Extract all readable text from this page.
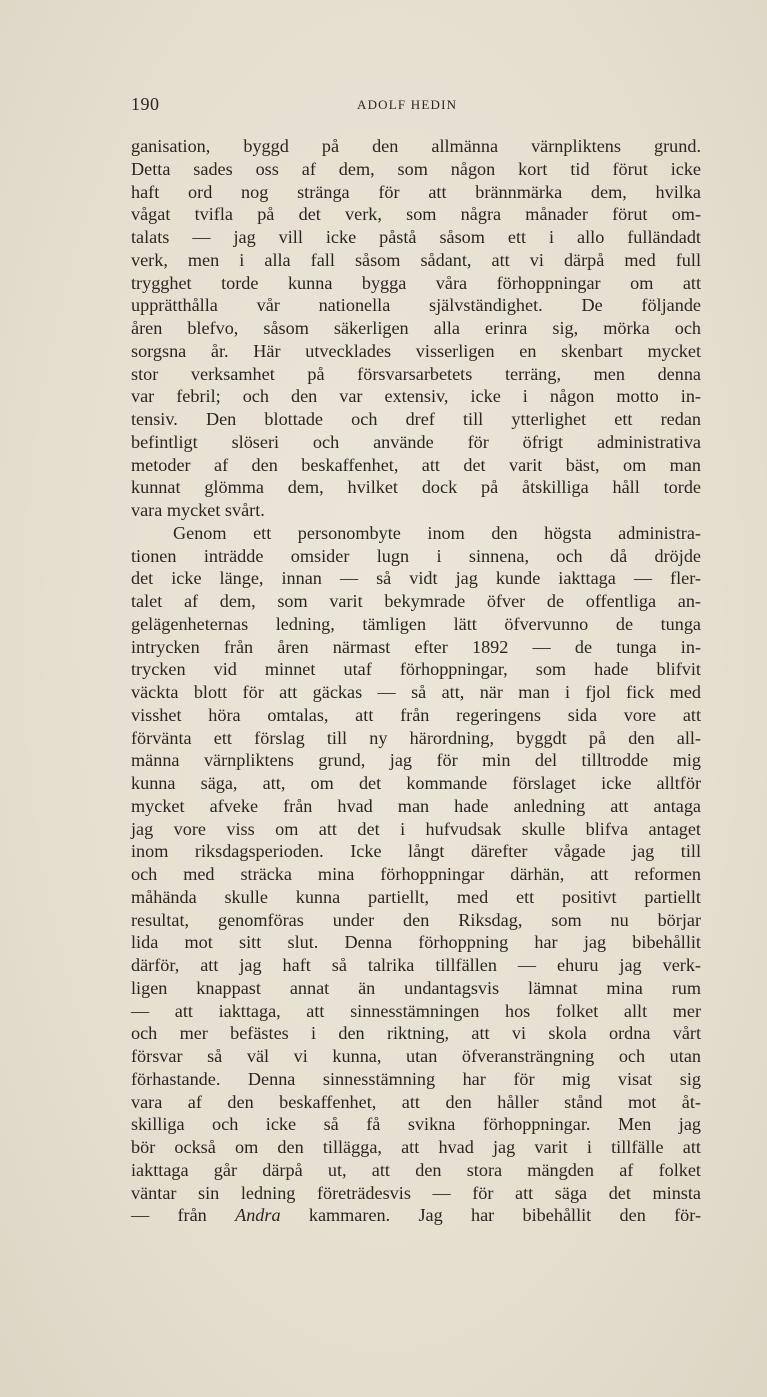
190	ADOLF HEDIN
ganisation, byggd på den allmänna värnpliktens grund.
Detta sades oss af dem, som någon kort tid förut icke
haft ord nog stränga för att brännmärka dem, hvilka
vågat tvifla på det verk, som några månader förut om-
talats — jag vill icke påstå såsom ett i allo fulländadt
verk, men i alla fall såsom sådant, att vi därpå med full
trygghet torde kunna bygga våra förhoppningar om att
upprätthålla vår nationella självständighet. De följande
åren blefvo, såsom säkerligen alla erinra sig, mörka och
sorgsna år. Här utvecklades visserligen en skenbart mycket
stor verksamhet på försvarsarbetets terräng, men denna
var febril; och den var extensiv, icke i någon motto in-
tensiv. Den blottade och dref till ytterlighet ett redan
befintligt slöseri och använde för öfrigt administrativa
metoder af den beskaffenhet, att det varit bäst, om man
kunnat glömma dem, hvilket dock på åtskilliga håll torde
vara mycket svårt.
Genom ett personombyte inom den högsta administra-
tionen inträdde omsider lugn i sinnena, och då dröjde
det icke länge, innan — så vidt jag kunde iakttaga — fler-
talet af dem, som varit bekymrade öfver de offentliga an-
gelägenheternas ledning, tämligen lätt öfvervunno de tunga
intrycken från åren närmast efter 1892 — de tunga in-
trycken vid minnet utaf förhoppningar, som hade blifvit
väckta blott för att gäckas — så att, när man i fjol fick med
visshet höra omtalas, att från regeringens sida vore att
förvänta ett förslag till ny härordning, byggdt på den all-
männa värnpliktens grund, jag för min del tilltrodde mig
kunna säga, att, om det kommande förslaget icke alltför
mycket afveke från hvad man hade anledning att antaga
jag vore viss om att det i hufvudsak skulle blifva antaget
inom riksdagsperioden. Icke långt därefter vågade jag till
och med sträcka mina förhoppningar därhän, att reformen
måhända skulle kunna partiellt, med ett positivt partiellt
resultat, genomföras under den Riksdag, som nu börjar
lida mot sitt slut. Denna förhoppning har jag bibehållit
därför, att jag haft så talrika tillfällen — ehuru jag verk-
ligen knappast annat än undantagsvis lämnat mina rum
— att iakttaga, att sinnesstämningen hos folket allt mer
och mer befästes i den riktning, att vi skola ordna vårt
försvar så väl vi kunna, utan öfveransträngning och utan
förhastande. Denna sinnesstämning har för mig visat sig
vara af den beskaffenhet, att den håller stånd mot åt-
skilliga och icke så få svikna förhoppningar. Men jag
bör också om den tillägga, att hvad jag varit i tillfälle att
iakttaga går därpå ut, att den stora mängden af folket
väntar sin ledning företrädesvis — för att säga det minsta
— från Andra kammaren. Jag har bibehållit den för-
